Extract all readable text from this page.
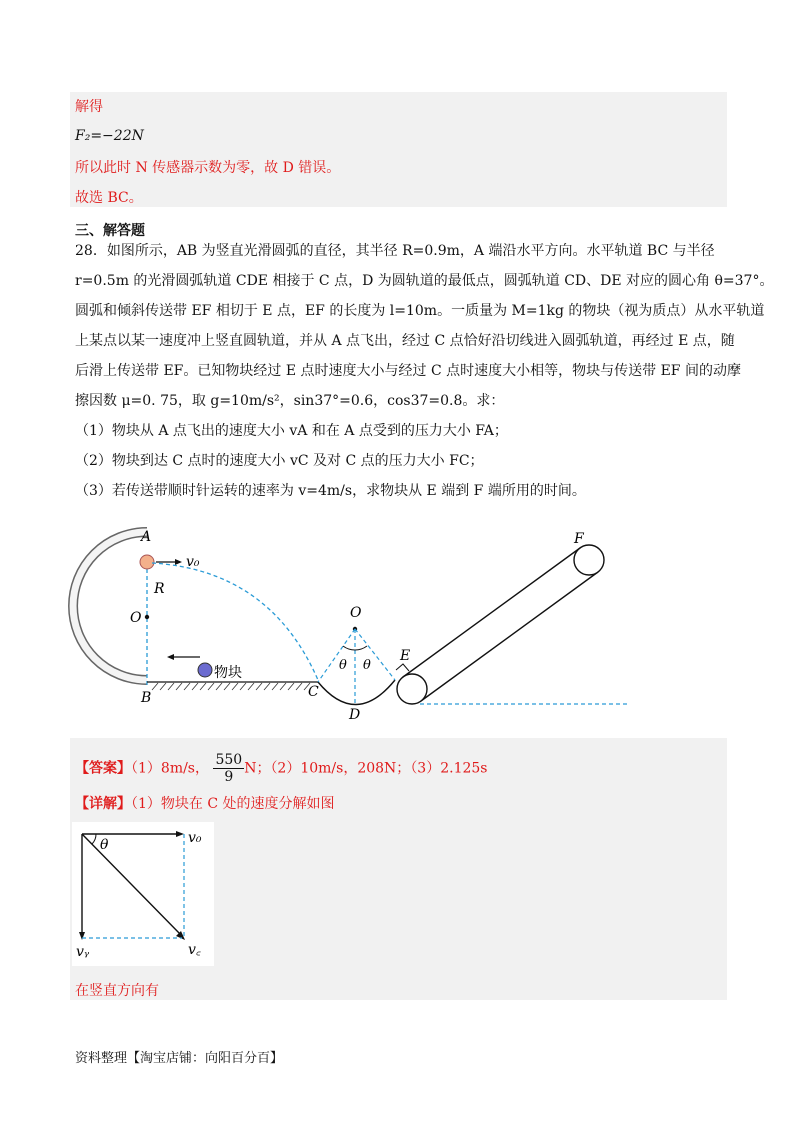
解得
F₂=−22N
所以此时 N 传感器示数为零，故 D 错误。
故选 BC。
三、解答题

28．如图所示，AB 为竖直光滑圆弧的直径，其半径 R=0.9m，A 端沿水平方向。水平轨道 BC 与半径

r=0.5m 的光滑圆弧轨道 CDE 相接于 C 点，D 为圆轨道的最低点，圆弧轨道 CD、DE 对应的圆心角 θ=37°。

圆弧和倾斜传送带 EF 相切于 E 点，EF 的长度为 l=10m。一质量为 M=1kg 的物块（视为质点）从水平轨道

上某点以某一速度冲上竖直圆轨道，并从 A 点飞出，经过 C 点恰好沿切线进入圆弧轨道，再经过 E 点，随

后滑上传送带 EF。已知物块经过 E 点时速度大小与经过 C 点时速度大小相等，物块与传送带 EF 间的动摩

擦因数 μ=0. 75，取 g=10m/s²，sin37°=0.6，cos37=0.8。求：

（1）物块从 A 点飞出的速度大小 vA 和在 A 点受到的压力大小 FA；

（2）物块到达 C 点时的速度大小 vC 及对 C 点的压力大小 FC；

（3）若传送带顺时针运转的速率为 v=4m/s，求物块从 E 端到 F 端所用的时间。

A
B
O
R
v₀
物块
C
D
O
θ θ
E
F
【答案】（1）8m/s， $\frac{550}{9}$ N；（2）10m/s，208N；（3）2.125s
【详解】（1）物块在 C 处的速度分解如图
θ	v₀
vᵧ	v꜀
在竖直方向有
资料整理【淘宝店铺：向阳百分百】
